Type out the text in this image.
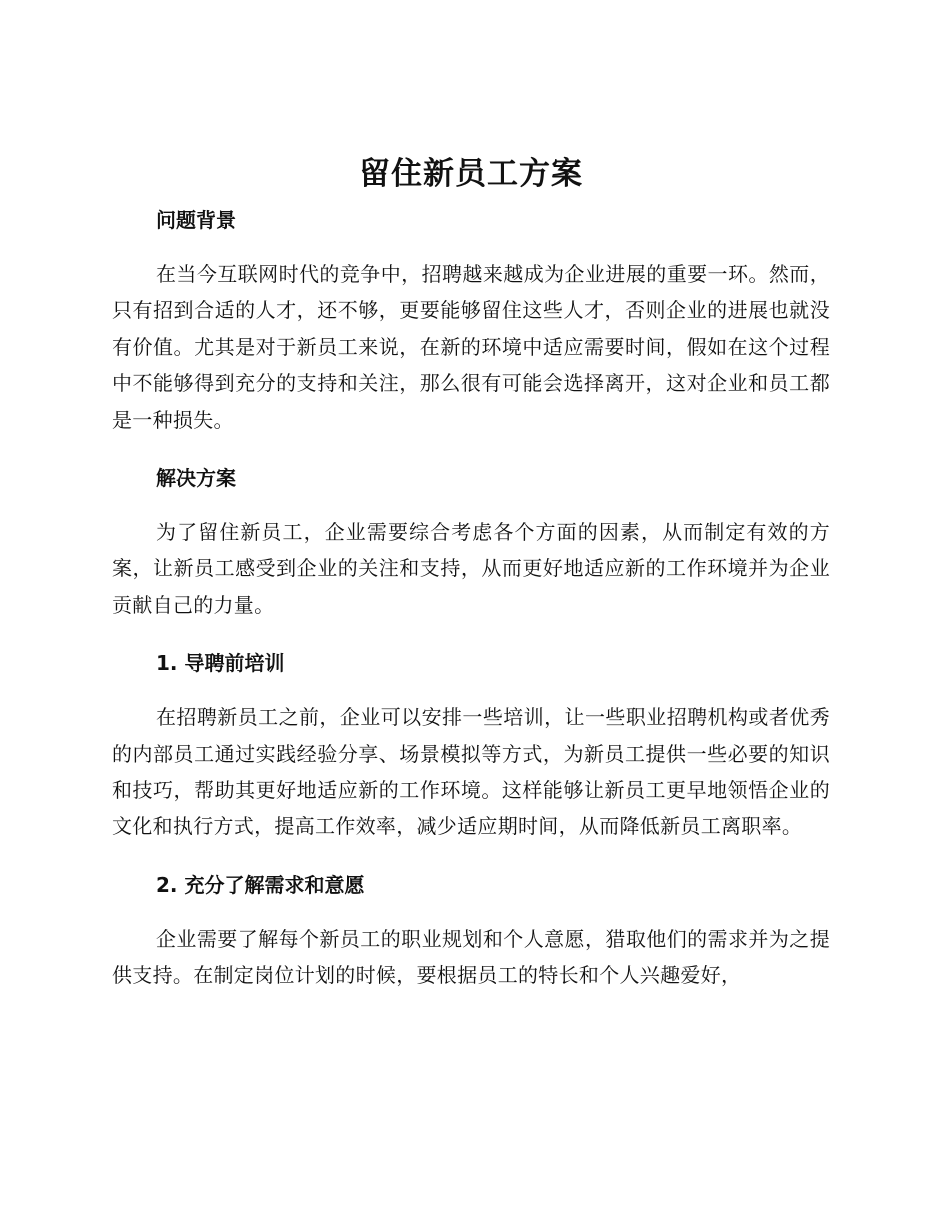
留住新员工方案
问题背景

在当今互联网时代的竞争中，招聘越来越成为企业进展的重要一环。然而，只有招到合适的人才，还不够，更要能够留住这些人才，否则企业的进展也就没有价值。尤其是对于新员工来说，在新的环境中适应需要时间，假如在这个过程中不能够得到充分的支持和关注，那么很有可能会选择离开，这对企业和员工都是一种损失。

解决方案

为了留住新员工，企业需要综合考虑各个方面的因素，从而制定有效的方案，让新员工感受到企业的关注和支持，从而更好地适应新的工作环境并为企业贡献自己的力量。

1. 导聘前培训

在招聘新员工之前，企业可以安排一些培训，让一些职业招聘机构或者优秀的内部员工通过实践经验分享、场景模拟等方式，为新员工提供一些必要的知识和技巧，帮助其更好地适应新的工作环境。这样能够让新员工更早地领悟企业的文化和执行方式，提高工作效率，减少适应期时间，从而降低新员工离职率。

2. 充分了解需求和意愿

企业需要了解每个新员工的职业规划和个人意愿，猎取他们的需求并为之提供支持。在制定岗位计划的时候，要根据员工的特长和个人兴趣爱好，
